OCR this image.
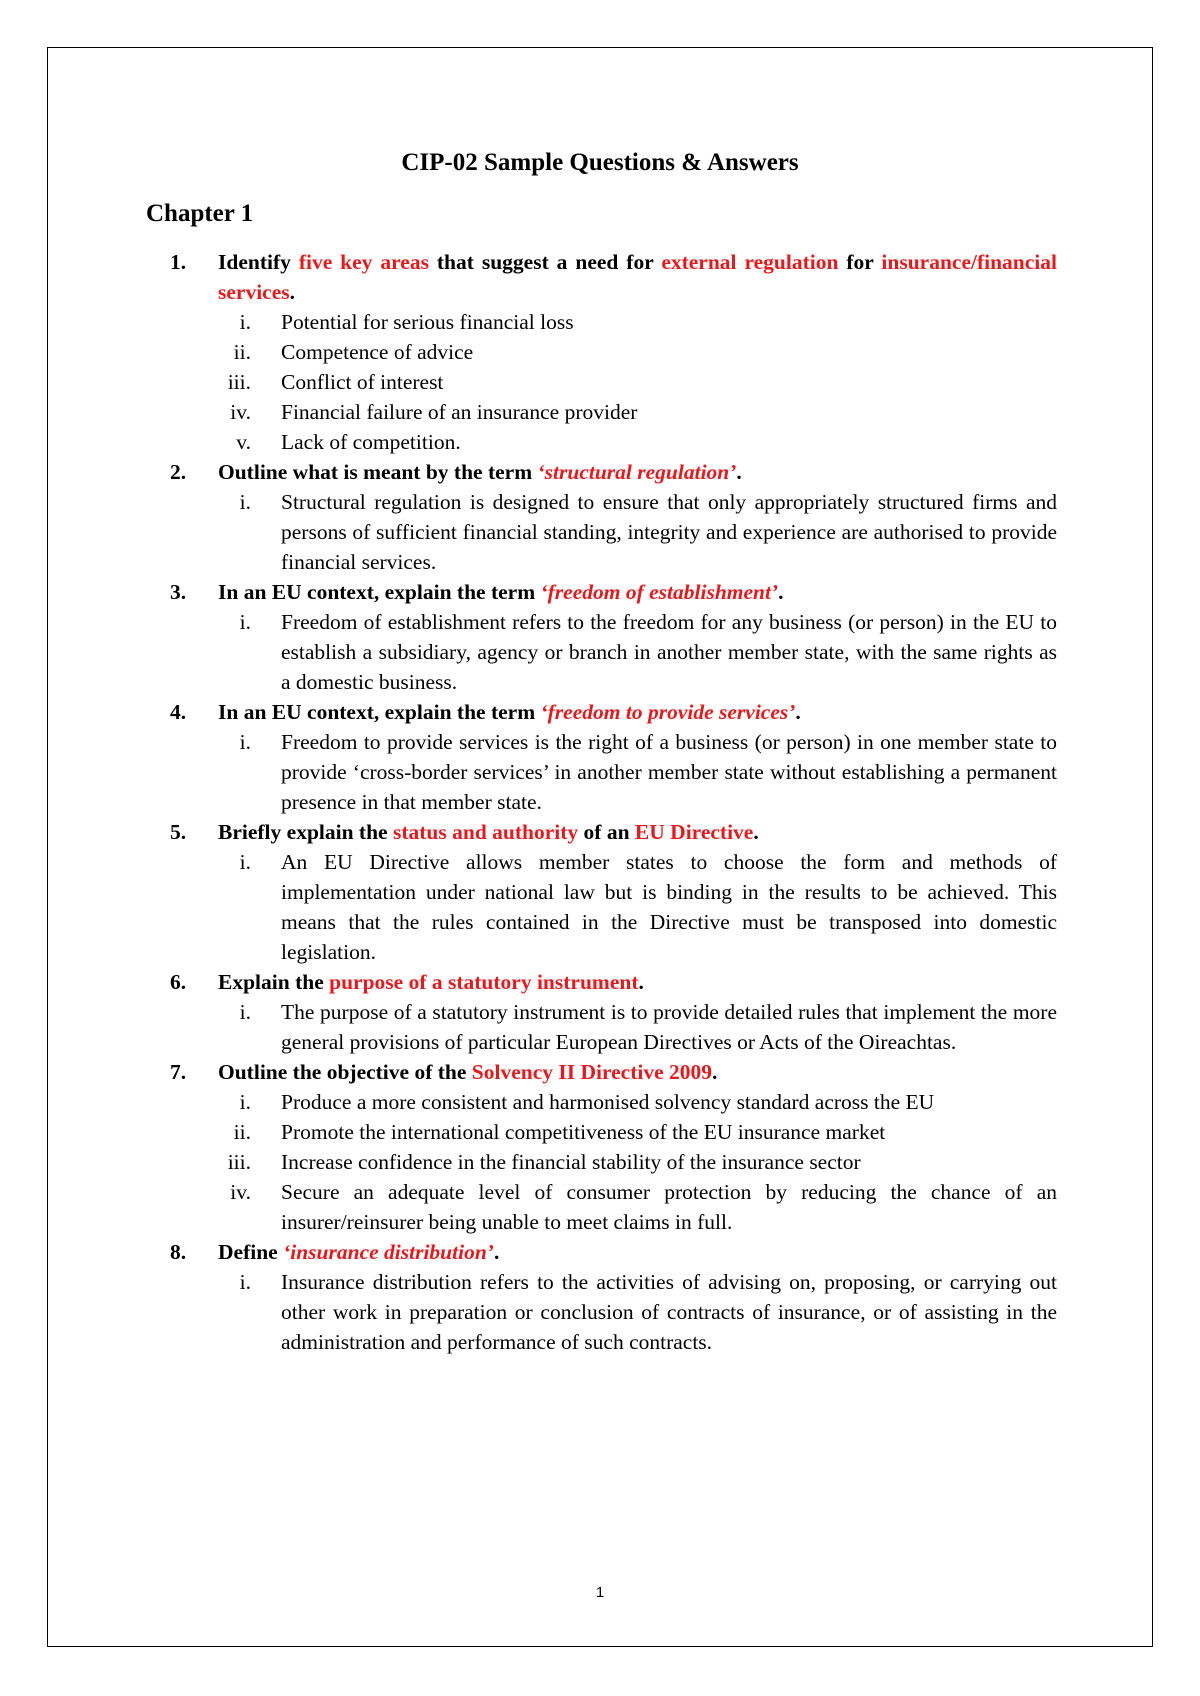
CIP-02 Sample Questions & Answers
Chapter 1
1.	Identify five key areas that suggest a need for external regulation for insurance/financial services.
i.	Potential for serious financial loss
ii.	Competence of advice
iii.	Conflict of interest
iv.	Financial failure of an insurance provider
v.	Lack of competition.
2.	Outline what is meant by the term ‘structural regulation’.
i.	Structural regulation is designed to ensure that only appropriately structured firms and persons of sufficient financial standing, integrity and experience are authorised to provide financial services.
3.	In an EU context, explain the term ‘freedom of establishment’.
i.	Freedom of establishment refers to the freedom for any business (or person) in the EU to establish a subsidiary, agency or branch in another member state, with the same rights as a domestic business.
4.	In an EU context, explain the term ‘freedom to provide services’.
i.	Freedom to provide services is the right of a business (or person) in one member state to provide ‘cross-border services’ in another member state without establishing a permanent presence in that member state.
5.	Briefly explain the status and authority of an EU Directive.
i.	An EU Directive allows member states to choose the form and methods of implementation under national law but is binding in the results to be achieved. This means that the rules contained in the Directive must be transposed into domestic legislation.
6.	Explain the purpose of a statutory instrument.
i.	The purpose of a statutory instrument is to provide detailed rules that implement the more general provisions of particular European Directives or Acts of the Oireachtas.
7.	Outline the objective of the Solvency II Directive 2009.
i.	Produce a more consistent and harmonised solvency standard across the EU
ii.	Promote the international competitiveness of the EU insurance market
iii.	Increase confidence in the financial stability of the insurance sector
iv.	Secure an adequate level of consumer protection by reducing the chance of an insurer/reinsurer being unable to meet claims in full.
8.	Define ‘insurance distribution’.
i.	Insurance distribution refers to the activities of advising on, proposing, or carrying out other work in preparation or conclusion of contracts of insurance, or of assisting in the administration and performance of such contracts.
1
